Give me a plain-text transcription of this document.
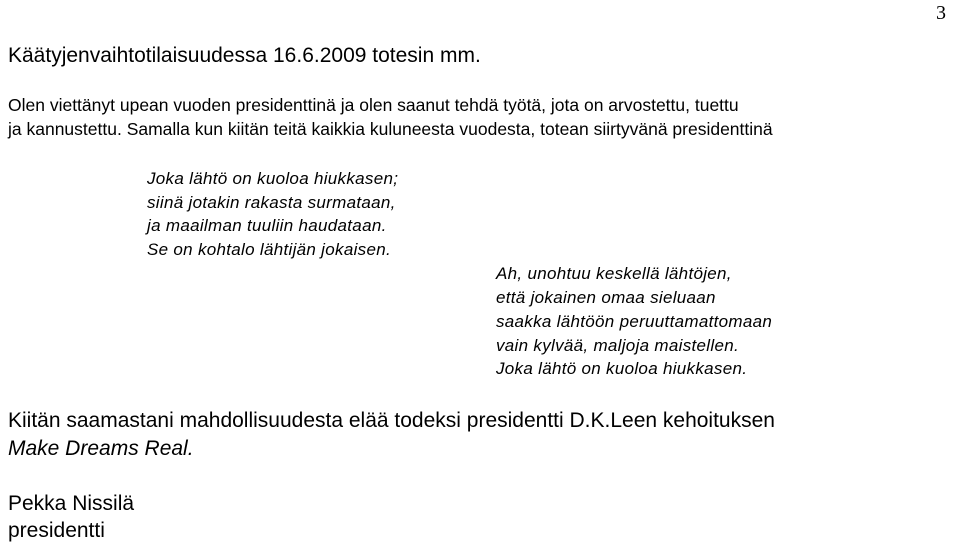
3
Käätyjenvaihtotilaisuudessa 16.6.2009 totesin mm.
Olen viettänyt upean vuoden presidenttinä ja olen saanut tehdä työtä, jota on arvostettu, tuettu
ja kannustettu. Samalla kun kiitän teitä kaikkia kuluneesta vuodesta, totean siirtyvänä presidenttinä
Joka lähtö on kuoloa hiukkasen;
siinä jotakin rakasta surmataan,
ja maailman tuuliin haudataan.
Se on kohtalo lähtijän jokaisen.
Ah, unohtuu keskellä lähtöjen,
että jokainen omaa sieluaan
saakka lähtöön peruuttamattomaan
vain kylvää, maljoja maistellen.
Joka lähtö on kuoloa hiukkasen.
Kiitän saamastani mahdollisuudesta elää todeksi presidentti D.K.Leen kehoituksen
Make Dreams Real.
Pekka Nissilä
presidentti
